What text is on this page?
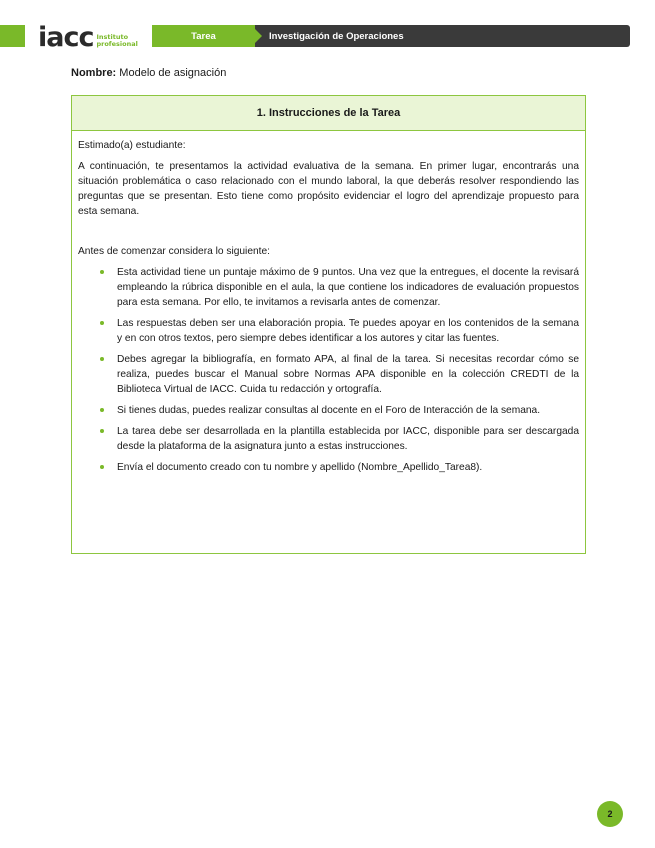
iacc Instituto
profesional
Tarea	Investigación de Operaciones
Nombre: Modelo de asignación
1. Instrucciones de la Tarea

Estimado(a) estudiante:

A continuación, te presentamos la actividad evaluativa de la semana. En primer lugar, encontrarás una situación problemática o caso relacionado con el mundo laboral, la que deberás resolver respondiendo las preguntas que se presentan. Esto tiene como propósito evidenciar el logro del aprendizaje propuesto para esta semana.

Antes de comenzar considera lo siguiente:

Esta actividad tiene un puntaje máximo de 9 puntos. Una vez que la entregues, el docente la revisará empleando la rúbrica disponible en el aula, la que contiene los indicadores de evaluación propuestos para esta semana. Por ello, te invitamos a revisarla antes de comenzar.
Las respuestas deben ser una elaboración propia. Te puedes apoyar en los contenidos de la semana y en con otros textos, pero siempre debes identificar a los autores y citar las fuentes.
Debes agregar la bibliografía, en formato APA, al final de la tarea. Si necesitas recordar cómo se realiza, puedes buscar el Manual sobre Normas APA disponible en la colección CREDTI de la Biblioteca Virtual de IACC. Cuida tu redacción y ortografía.
Si tienes dudas, puedes realizar consultas al docente en el Foro de Interacción de la semana.
La tarea debe ser desarrollada en la plantilla establecida por IACC, disponible para ser descargada desde la plataforma de la asignatura junto a estas instrucciones.
Envía el documento creado con tu nombre y apellido (Nombre_Apellido_Tarea8).
2
